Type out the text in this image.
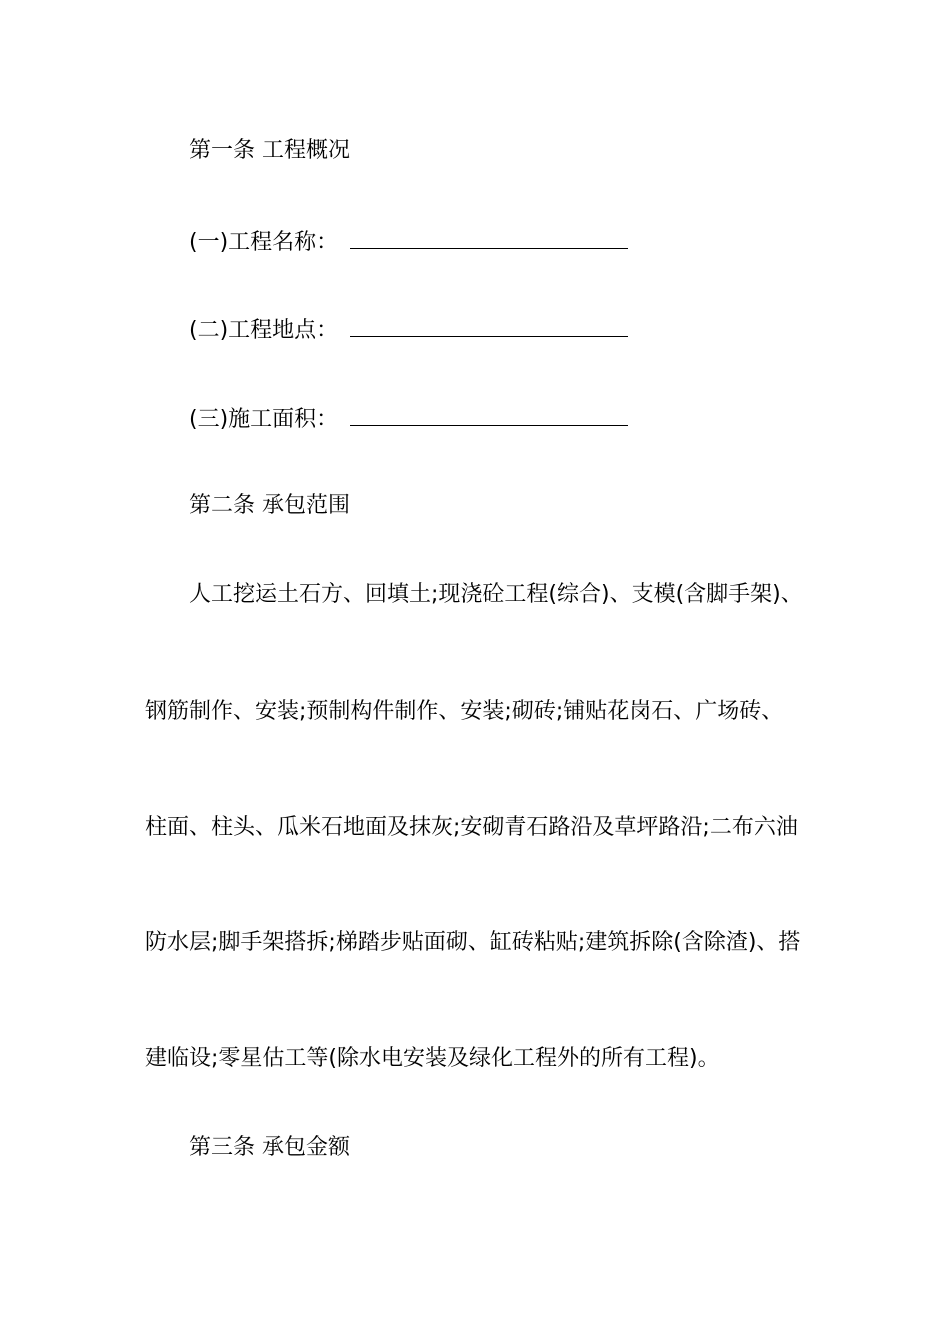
第一条 工程概况
(一)工程名称：
(二)工程地点：
(三)施工面积：
第二条 承包范围
人工挖运土石方、回填土;现浇砼工程(综合)、支模(含脚手架)、
钢筋制作、安装;预制构件制作、安装;砌砖;铺贴花岗石、广场砖、
柱面、柱头、瓜米石地面及抹灰;安砌青石路沿及草坪路沿;二布六油
防水层;脚手架搭拆;梯踏步贴面砌、缸砖粘贴;建筑拆除(含除渣)、搭
建临设;零星估工等(除水电安装及绿化工程外的所有工程)。
第三条 承包金额
